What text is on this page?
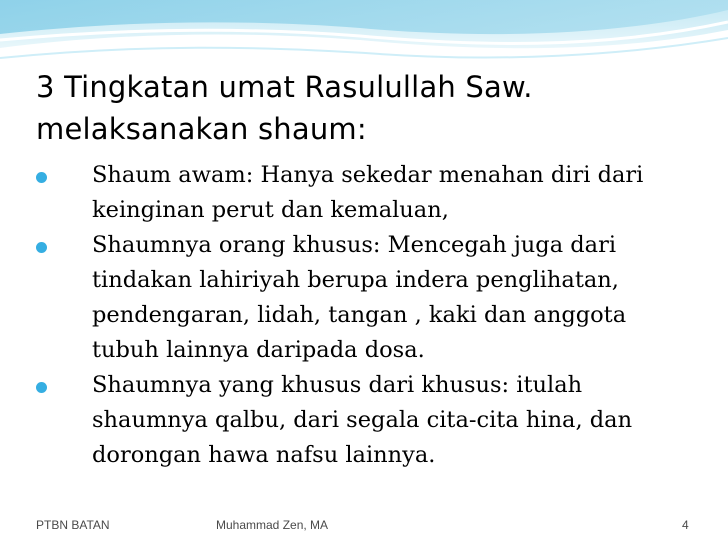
3 Tingkatan umat Rasulullah Saw.
melaksanakan shaum:
Shaum awam: Hanya sekedar menahan diri dari
keinginan perut dan kemaluan,
Shaumnya orang khusus: Mencegah juga dari
tindakan lahiriyah berupa indera penglihatan,
pendengaran, lidah, tangan , kaki dan anggota
tubuh lainnya daripada dosa.
Shaumnya yang khusus dari khusus: itulah
shaumnya qalbu, dari segala cita-cita hina, dan
dorongan hawa nafsu lainnya.
PTBN BATAN	Muhammad Zen, MA	4
